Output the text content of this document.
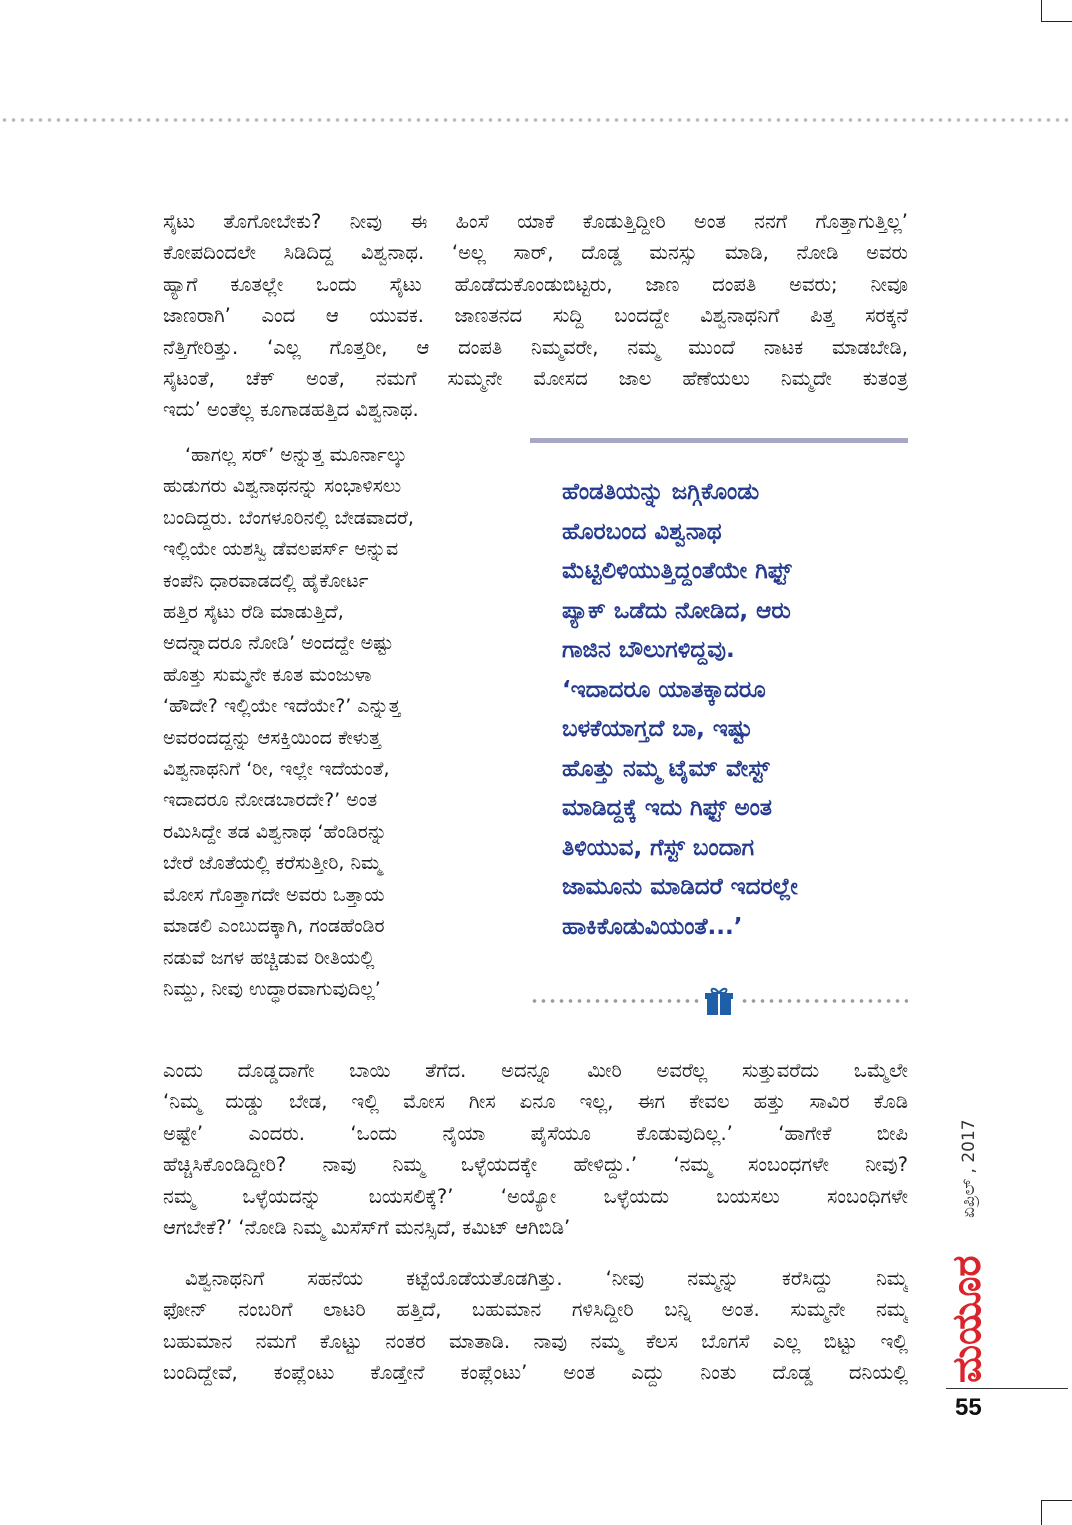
ಸೈಟು ತೊಗೋಬೇಕು? ನೀವು ಈ ಹಿಂಸೆ ಯಾಕೆ ಕೊಡುತ್ತಿದ್ದೀರಿ ಅಂತ ನನಗೆ ಗೊತ್ತಾಗುತ್ತಿಲ್ಲ’
ಕೋಪದಿಂದಲೇ ಸಿಡಿದಿದ್ದ ವಿಶ್ವನಾಥ. ‘ಅಲ್ಲ ಸಾರ್, ದೊಡ್ಡ ಮನಸ್ಸು ಮಾಡಿ, ನೋಡಿ ಅವರು
ಹ್ಯಾಗೆ ಕೂತಲ್ಲೇ ಒಂದು ಸೈಟು ಹೊಡೆದುಕೊಂಡುಬಿಟ್ಟರು, ಜಾಣ ದಂಪತಿ ಅವರು; ನೀವೂ
ಜಾಣರಾಗಿ’ ಎಂದ ಆ ಯುವಕ. ಜಾಣತನದ ಸುದ್ದಿ ಬಂದದ್ದೇ ವಿಶ್ವನಾಥನಿಗೆ ಪಿತ್ತ ಸರಕ್ಕನೆ
ನೆತ್ತಿಗೇರಿತ್ತು. ‘ಎಲ್ಲ ಗೊತ್ತರೀ, ಆ ದಂಪತಿ ನಿಮ್ಮವರೇ, ನಮ್ಮ ಮುಂದೆ ನಾಟಕ ಮಾಡಬೇಡಿ,
ಸೈಟಂತೆ, ಚೆಕ್ ಅಂತೆ, ನಮಗೆ ಸುಮ್ಮನೇ ಮೋಸದ ಜಾಲ ಹೆಣೆಯಲು ನಿಮ್ಮದೇ ಕುತಂತ್ರ
ಇದು’ ಅಂತೆಲ್ಲ ಕೂಗಾಡಹತ್ತಿದ ವಿಶ್ವನಾಥ.
‘ಹಾಗಲ್ಲ ಸರ್’ ಅನ್ನುತ್ತ ಮೂರ್ನಾಲ್ಕು
ಹುಡುಗರು ವಿಶ್ವನಾಥನನ್ನು ಸಂಭಾಳಿಸಲು
ಬಂದಿದ್ದರು. ಬೆಂಗಳೂರಿನಲ್ಲಿ ಬೇಡವಾದರೆ,
ಇಲ್ಲಿಯೇ ಯಶಸ್ವಿ ಡೆವಲಪರ್ಸ್ ಅನ್ನುವ
ಕಂಪೆನಿ ಧಾರವಾಡದಲ್ಲಿ ಹೈಕೋರ್ಟ
ಹತ್ತಿರ ಸೈಟು ರೆಡಿ ಮಾಡುತ್ತಿದೆ,
ಅದನ್ನಾದರೂ ನೋಡಿ’ ಅಂದದ್ದೇ ಅಷ್ಟು
ಹೊತ್ತು ಸುಮ್ಮನೇ ಕೂತ ಮಂಜುಳಾ
‘ಹೌದೇ? ಇಲ್ಲಿಯೇ ಇದೆಯೇ?’ ಎನ್ನುತ್ತ
ಅವರಂದದ್ದನ್ನು ಆಸಕ್ತಿಯಿಂದ ಕೇಳುತ್ತ
ವಿಶ್ವನಾಥನಿಗೆ ‘ರೀ, ಇಲ್ಲೇ ಇದೆಯಂತೆ,
ಇದಾದರೂ ನೋಡಬಾರದೇ?’ ಅಂತ
ರಮಿಸಿದ್ದೇ ತಡ ವಿಶ್ವನಾಥ ‘ಹೆಂಡಿರನ್ನು
ಬೇರೆ ಜೊತೆಯಲ್ಲಿ ಕರೆಸುತ್ತೀರಿ, ನಿಮ್ಮ
ಮೋಸ ಗೊತ್ತಾಗದೇ ಅವರು ಒತ್ತಾಯ
ಮಾಡಲಿ ಎಂಬುದಕ್ಕಾಗಿ, ಗಂಡಹೆಂಡಿರ
ನಡುವೆ ಜಗಳ ಹಚ್ಚಿಡುವ ರೀತಿಯಲ್ಲಿ
ನಿಮ್ದು, ನೀವು ಉದ್ಧಾರವಾಗುವುದಿಲ್ಲ’
ಹೆಂಡತಿಯನ್ನು ಜಗ್ಗಿಕೊಂಡು
ಹೊರಬಂದ ವಿಶ್ವನಾಥ
ಮೆಟ್ಟಿಲಿಳಿಯುತ್ತಿದ್ದಂತೆಯೇ ಗಿಫ್ಟ್
ಪ್ಯಾಕ್ ಒಡೆದು ನೋಡಿದ, ಆರು
ಗಾಜಿನ ಬೌಲುಗಳಿದ್ದವು.
‘ಇದಾದರೂ ಯಾತಕ್ಕಾದರೂ
ಬಳಕೆಯಾಗ್ತದೆ ಬಾ, ಇಷ್ಟು
ಹೊತ್ತು ನಮ್ಮ ಟೈಮ್ ವೇಸ್ಟ್
ಮಾಡಿದ್ದಕ್ಕೆ ಇದು ಗಿಫ್ಟ್ ಅಂತ
ತಿಳಿಯುವ, ಗೆಸ್ಟ್ ಬಂದಾಗ
ಜಾಮೂನು ಮಾಡಿದರೆ ಇದರಲ್ಲೇ
ಹಾಕಿಕೊಡುವಿಯಂತೆ...’
ಎಂದು ದೊಡ್ಡದಾಗೇ ಬಾಯಿ ತೆಗೆದ. ಅದನ್ನೂ ಮೀರಿ ಅವರೆಲ್ಲ ಸುತ್ತುವರೆದು ಒಮ್ಮೆಲೇ
‘ನಿಮ್ಮ ದುಡ್ಡು ಬೇಡ, ಇಲ್ಲಿ ಮೋಸ ಗೀಸ ಏನೂ ಇಲ್ಲ, ಈಗ ಕೇವಲ ಹತ್ತು ಸಾವಿರ ಕೊಡಿ
ಅಷ್ಟೇ’ ಎಂದರು. ‘ಒಂದು ನೈಯಾ ಪೈಸೆಯೂ ಕೊಡುವುದಿಲ್ಲ.’ ‘ಹಾಗೇಕೆ ಬೀಪಿ
ಹೆಚ್ಚಿಸಿಕೊಂಡಿದ್ದೀರಿ? ನಾವು ನಿಮ್ಮ ಒಳ್ಳೆಯದಕ್ಕೇ ಹೇಳಿದ್ದು.’ ‘ನಮ್ಮ ಸಂಬಂಧಗಳೇ ನೀವು?
ನಮ್ಮ ಒಳ್ಳೆಯದನ್ನು ಬಯಸಲಿಕ್ಕೆ?’ ‘ಅಯ್ಯೋ ಒಳ್ಳೆಯದು ಬಯಸಲು ಸಂಬಂಧಿಗಳೇ
ಆಗಬೇಕೆ?’ ‘ನೋಡಿ ನಿಮ್ಮ ಮಿಸೆಸ್‌ಗೆ ಮನಸ್ಸಿದೆ, ಕಮಿಟ್ ಆಗಿಬಿಡಿ’
ವಿಶ್ವನಾಥನಿಗೆ ಸಹನೆಯ ಕಟ್ಟೆಯೊಡೆಯತೊಡಗಿತ್ತು. ‘ನೀವು ನಮ್ಮನ್ನು ಕರೆಸಿದ್ದು ನಿಮ್ಮ
ಫೋನ್ ನಂಬರಿಗೆ ಲಾಟರಿ ಹತ್ತಿದೆ, ಬಹುಮಾನ ಗಳಿಸಿದ್ದೀರಿ ಬನ್ನಿ ಅಂತ. ಸುಮ್ಮನೇ ನಮ್ಮ
ಬಹುಮಾನ ನಮಗೆ ಕೊಟ್ಟು ನಂತರ ಮಾತಾಡಿ. ನಾವು ನಮ್ಮ ಕೆಲಸ ಬೊಗಸೆ ಎಲ್ಲ ಬಿಟ್ಟು ಇಲ್ಲಿ
ಬಂದಿದ್ದೇವೆ, ಕಂಪ್ಲೆಂಟು ಕೊಡ್ತೇನೆ ಕಂಪ್ಲೆಂಟು’ ಅಂತ ಎದ್ದು ನಿಂತು ದೊಡ್ಡ ದನಿಯಲ್ಲಿ
ಏಪ್ರಿಲ್ , 2017
ಮಯೂರ
55
